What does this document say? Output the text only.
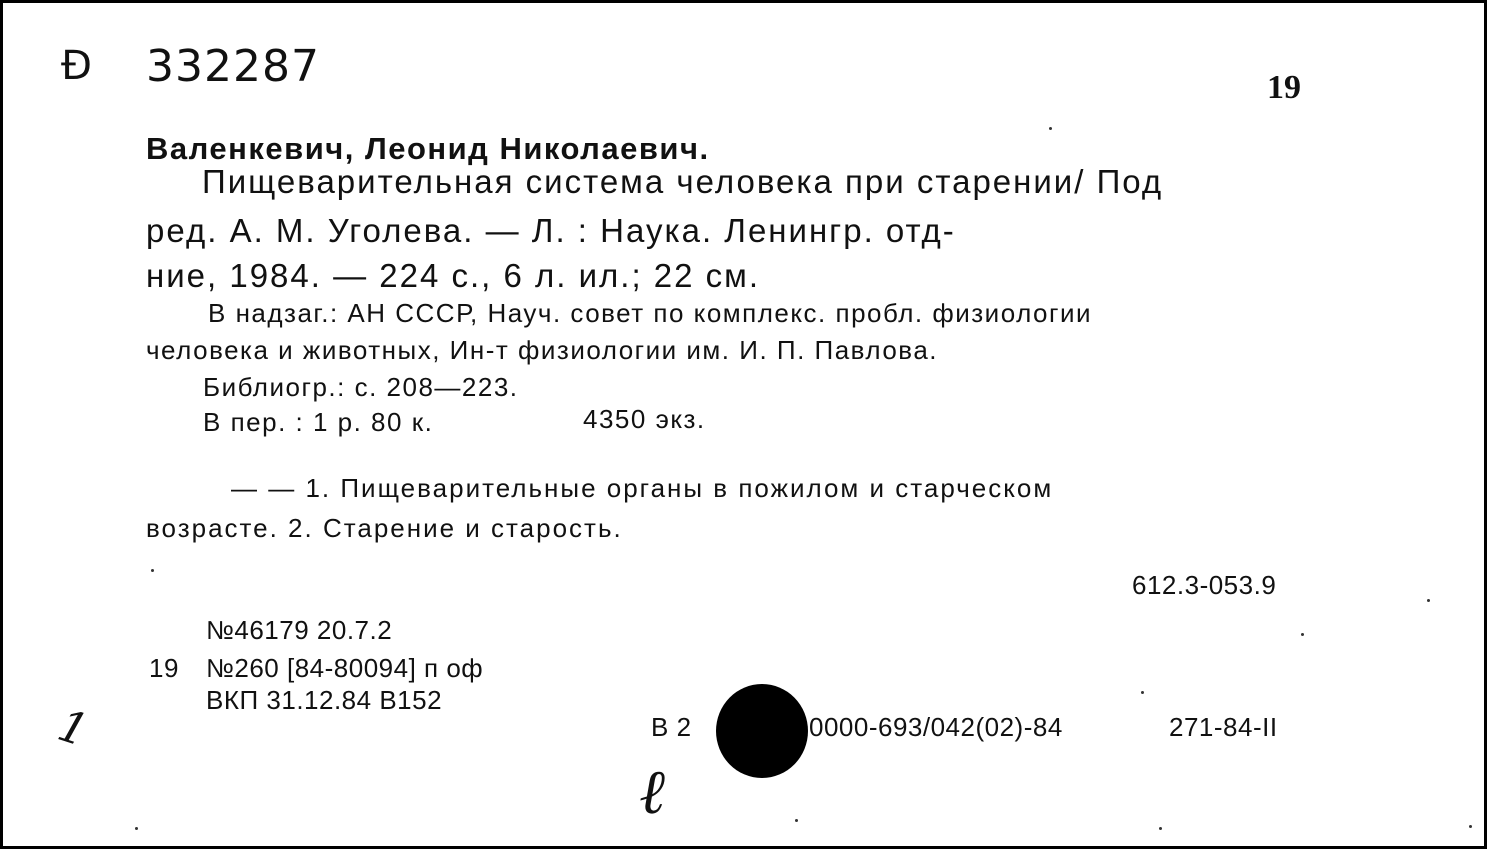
Ð 332287	19
Валенкевич, Леонид Николаевич.
Пищеварительная система человека при старении/ Под
ред. А. М. Уголева. — Л. : Наука. Ленингр. отд-
ние, 1984. — 224 с., 6 л. ил.; 22 см.
В надзаг.: АН СССР, Науч. совет по комплекс. пробл. физиологии
человека и животных, Ин-т физиологии им. И. П. Павлова.
Библиогр.: с. 208—223.
В пер. : 1 р. 80 к.	4350 экз.
— — 1. Пищеварительные органы в пожилом и старческом
возрасте. 2. Старение и старость.
612.3-053.9
№46179 20.7.2
19 №260 [84-80094] п оф
ВКП 31.12.84 В152
В 2	0000-693/042(02)-84	271-84-II
1
ℓ
